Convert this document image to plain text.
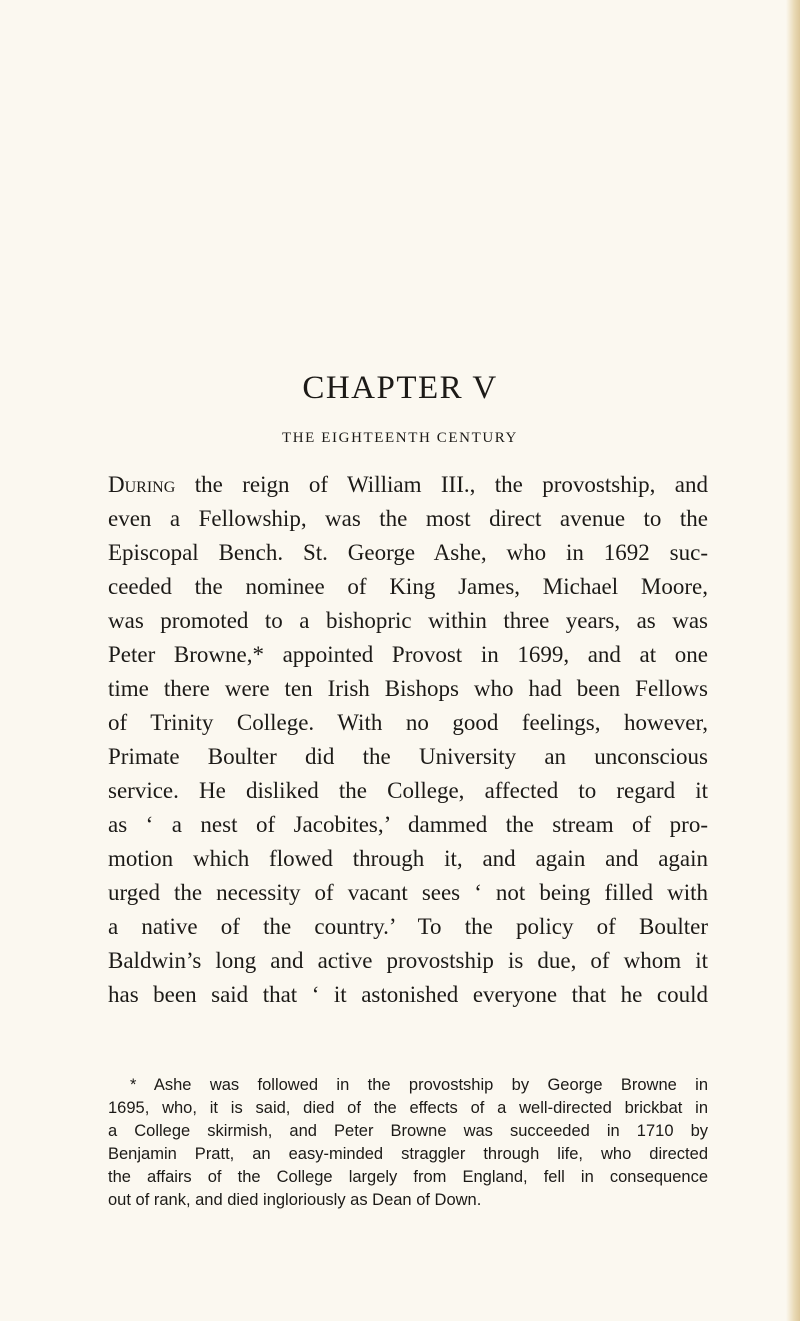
CHAPTER V
THE EIGHTEENTH CENTURY
During the reign of William III., the provostship, and
even a Fellowship, was the most direct avenue to the
Episcopal Bench. St. George Ashe, who in 1692 suc-
ceeded the nominee of King James, Michael Moore,
was promoted to a bishopric within three years, as was
Peter Browne,* appointed Provost in 1699, and at one
time there were ten Irish Bishops who had been Fellows
of Trinity College. With no good feelings, however,
Primate Boulter did the University an unconscious
service. He disliked the College, affected to regard it
as ‘ a nest of Jacobites,’ dammed the stream of pro-
motion which flowed through it, and again and again
urged the necessity of vacant sees ‘ not being filled with
a native of the country.’ To the policy of Boulter
Baldwin’s long and active provostship is due, of whom it
has been said that ‘ it astonished everyone that he could
* Ashe was followed in the provostship by George Browne in
1695, who, it is said, died of the effects of a well-directed brickbat in
a College skirmish, and Peter Browne was succeeded in 1710 by
Benjamin Pratt, an easy-minded straggler through life, who directed
the affairs of the College largely from England, fell in consequence
out of rank, and died ingloriously as Dean of Down.
